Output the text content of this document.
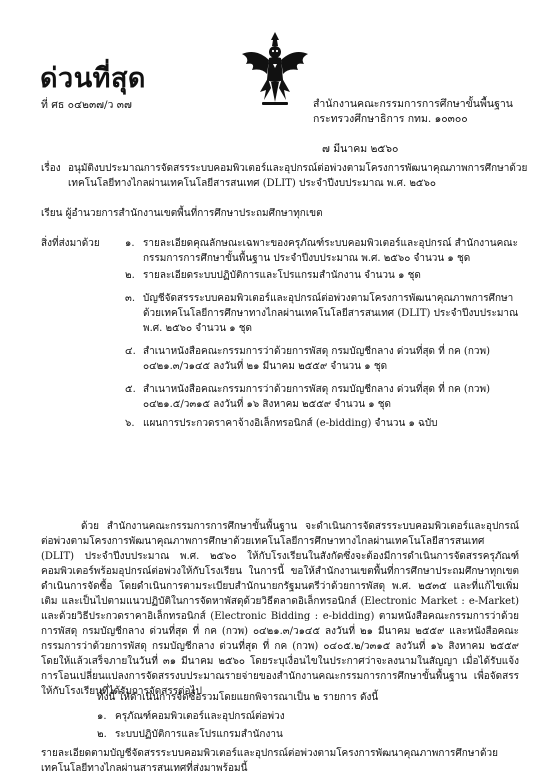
ด่วนที่สุด
ที่ ศธ ๐๔๒๓๗/ว ๓๗	สำนักงานคณะกรรมการการศึกษาขั้นพื้นฐาน
กระทรวงศึกษาธิการ กทม. ๑๐๓๐๐
๗ มีนาคม ๒๕๖๐
เรื่อง อนุมัติงบประมาณการจัดสรรระบบคอมพิวเตอร์และอุปกรณ์ต่อพ่วงตามโครงการพัฒนาคุณภาพการศึกษาด้วยเทคโนโลยีทางไกลผ่านเทคโนโลยีสารสนเทศ (DLIT) ประจำปีงบประมาณ พ.ศ. ๒๕๖๐
เรียน ผู้อำนวยการสำนักงานเขตพื้นที่การศึกษาประถมศึกษาทุกเขต
สิ่งที่ส่งมาด้วย	๑. รายละเอียดคุณลักษณะเฉพาะของครุภัณฑ์ระบบคอมพิวเตอร์และอุปกรณ์ สำนักงานคณะกรรมการการศึกษาขั้นพื้นฐาน ประจำปีงบประมาณ พ.ศ. ๒๕๖๐ จำนวน ๑ ชุด
๒. รายละเอียดระบบปฏิบัติการและโปรแกรมสำนักงาน จำนวน ๑ ชุด
๓. บัญชีจัดสรรระบบคอมพิวเตอร์และอุปกรณ์ต่อพ่วงตามโครงการพัฒนาคุณภาพการศึกษาด้วยเทคโนโลยีการศึกษาทางไกลผ่านเทคโนโลยีสารสนเทศ (DLIT) ประจำปีงบประมาณ พ.ศ. ๒๕๖๐ จำนวน ๑ ชุด
๔. สำเนาหนังสือคณะกรรมการว่าด้วยการพัสดุ กรมบัญชีกลาง ด่วนที่สุด ที่ กค (กวพ) ๐๔๒๑.๓/ว๑๔๕ ลงวันที่ ๒๑ มีนาคม ๒๕๕๙ จำนวน ๑ ชุด
๕. สำเนาหนังสือคณะกรรมการว่าด้วยการพัสดุ กรมบัญชีกลาง ด่วนที่สุด ที่ กค (กวพ) ๐๔๒๑.๕/ว๓๑๕ ลงวันที่ ๑๖ สิงหาคม ๒๕๕๙ จำนวน ๑ ชุด
๖. แผนการประกวดราคาจ้างอิเล็กทรอนิกส์ (e-bidding) จำนวน ๑ ฉบับ
ด้วย สำนักงานคณะกรรมการการศึกษาขั้นพื้นฐาน จะดำเนินการจัดสรรระบบคอมพิวเตอร์และอุปกรณ์ต่อพ่วงตามโครงการพัฒนาคุณภาพการศึกษาด้วยเทคโนโลยีการศึกษาทางไกลผ่านเทคโนโลยีสารสนเทศ (DLIT) ประจำปีงบประมาณ พ.ศ. ๒๕๖๐ ให้กับโรงเรียนในสังกัดซึ่งจะต้องมีการดำเนินการจัดสรรครุภัณฑ์คอมพิวเตอร์พร้อมอุปกรณ์ต่อพ่วงให้กับโรงเรียน ในการนี้ ขอให้สำนักงานเขตพื้นที่การศึกษาประถมศึกษาทุกเขต ดำเนินการจัดซื้อ โดยดำเนินการตามระเบียบสำนักนายกรัฐมนตรีว่าด้วยการพัสดุ พ.ศ. ๒๕๓๕ และที่แก้ไขเพิ่มเติม และเป็นไปตามแนวปฏิบัติในการจัดหาพัสดุด้วยวิธีตลาดอิเล็กทรอนิกส์ (Electronic Market : e-Market) และด้วยวิธีประกวดราคาอิเล็กทรอนิกส์ (Electronic Bidding : e-bidding) ตามหนังสือคณะกรรมการว่าด้วยการพัสดุ กรมบัญชีกลาง ด่วนที่สุด ที่ กค (กวพ) ๐๔๒๑.๓/ว๑๔๕ ลงวันที่ ๒๑ มีนาคม ๒๕๕๙ และหนังสือคณะกรรมการว่าด้วยการพัสดุ กรมบัญชีกลาง ด่วนที่สุด ที่ กค (กวพ) ๐๔๐๕.๒/ว๓๑๕ ลงวันที่ ๑๖ สิงหาคม ๒๕๕๙ โดยให้แล้วเสร็จภายในวันที่ ๓๑ มีนาคม ๒๕๖๐ โดยระบุเงื่อนไขในประกาศว่าจะลงนามในสัญญา เมื่อได้รับแจ้งการโอนเปลี่ยนแปลงการจัดสรรงบประมาณรายจ่ายของสำนักงานคณะกรรมการการศึกษาขั้นพื้นฐาน เพื่อจัดสรรให้กับโรงเรียนที่ได้รับการจัดสรรต่อไป
ทั้งนี้ ให้ดำเนินการจัดซื้อรวมโดยแยกพิจารณาเป็น ๒ รายการ ดังนี้
๑. ครุภัณฑ์คอมพิวเตอร์และอุปกรณ์ต่อพ่วง
๒. ระบบปฏิบัติการและโปรแกรมสำนักงาน
รายละเอียดตามบัญชีจัดสรรระบบคอมพิวเตอร์และอุปกรณ์ต่อพ่วงตามโครงการพัฒนาคุณภาพการศึกษาด้วยเทคโนโลยีทางไกลผ่านสารสนเทศที่ส่งมาพร้อมนี้
